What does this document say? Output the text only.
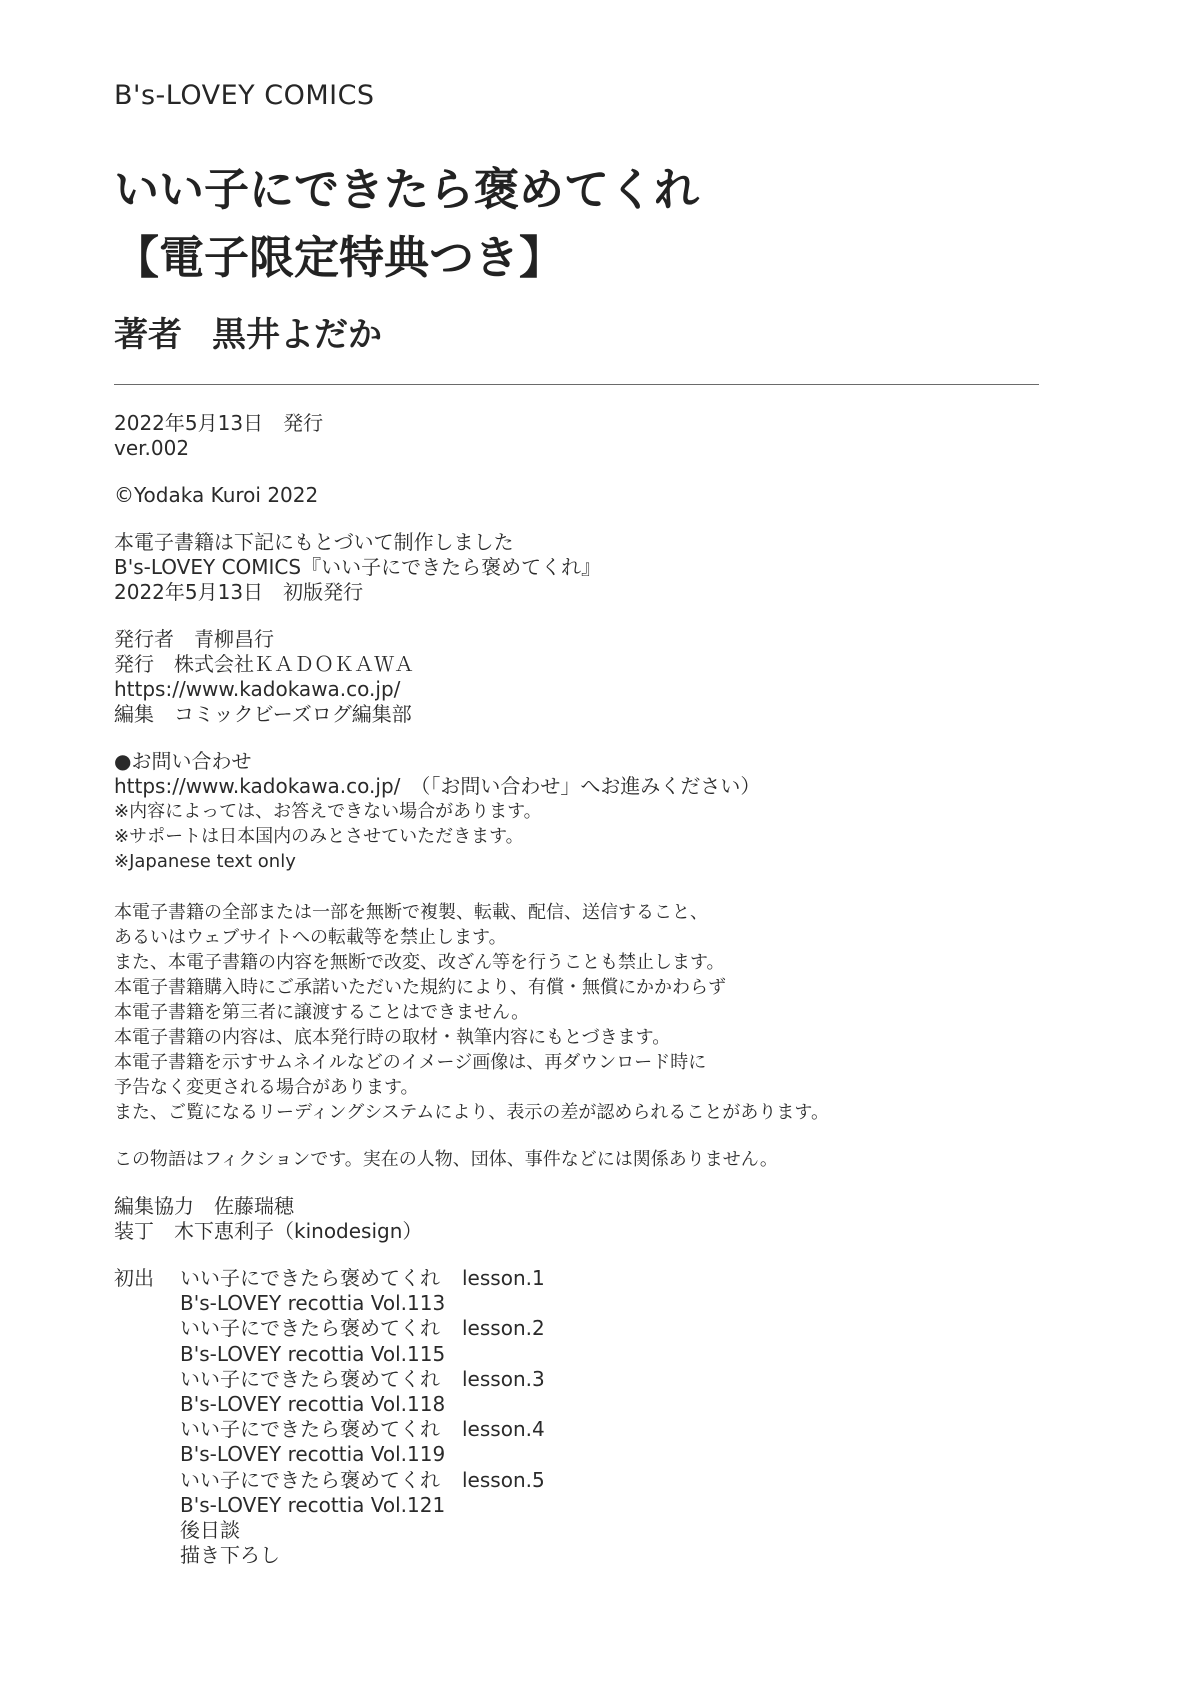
B's-LOVEY COMICS
いい子にできたら褒めてくれ
【電子限定特典つき】
著者 黒井よだか
2022年5月13日　発行
ver.002
©Yodaka Kuroi 2022
本電子書籍は下記にもとづいて制作しました
B's-LOVEY COMICS『いい子にできたら褒めてくれ』
2022年5月13日　初版発行
発行者　青柳昌行
発行　株式会社ＫＡＤＯＫＡＷＡ
https://www.kadokawa.co.jp/
編集　コミックビーズログ編集部
●お問い合わせ
https://www.kadokawa.co.jp/　（「お問い合わせ」へお進みください）
※内容によっては、お答えできない場合があります。
※サポートは日本国内のみとさせていただきます。
※Japanese text only
本電子書籍の全部または一部を無断で複製、転載、配信、送信すること、
あるいはウェブサイトへの転載等を禁止します。
また、本電子書籍の内容を無断で改変、改ざん等を行うことも禁止します。
本電子書籍購入時にご承諾いただいた規約により、有償・無償にかかわらず
本電子書籍を第三者に譲渡することはできません。
本電子書籍の内容は、底本発行時の取材・執筆内容にもとづきます。
本電子書籍を示すサムネイルなどのイメージ画像は、再ダウンロード時に
予告なく変更される場合があります。
また、ご覧になるリーディングシステムにより、表示の差が認められることがあります。
この物語はフィクションです。実在の人物、団体、事件などには関係ありません。
編集協力　佐藤瑞穂
装丁　木下恵利子（kinodesign）
初出	いい子にできたら褒めてくれ lesson.1
B's-LOVEY recottia Vol.113
いい子にできたら褒めてくれ lesson.2
B's-LOVEY recottia Vol.115
いい子にできたら褒めてくれ lesson.3
B's-LOVEY recottia Vol.118
いい子にできたら褒めてくれ lesson.4
B's-LOVEY recottia Vol.119
いい子にできたら褒めてくれ lesson.5
B's-LOVEY recottia Vol.121
後日談
描き下ろし
